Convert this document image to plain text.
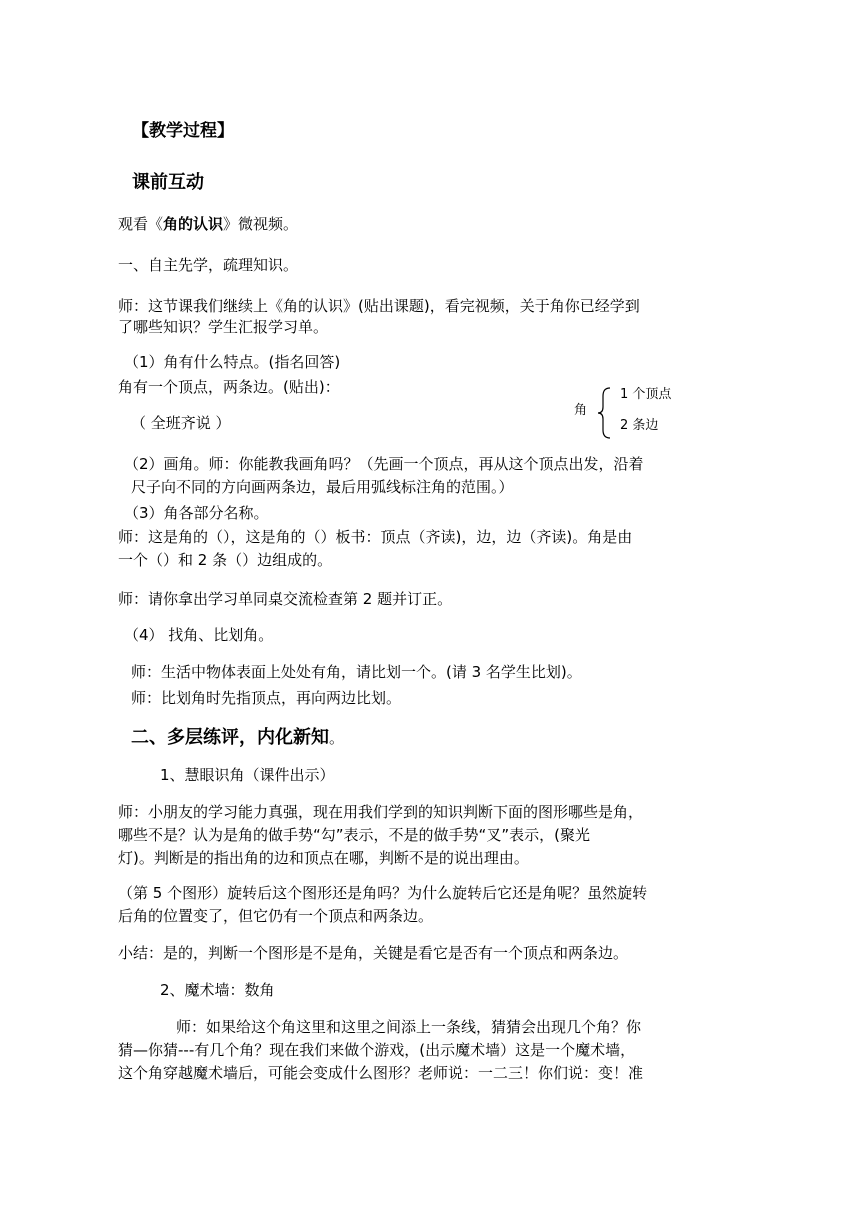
【教学过程】
课前互动
观看《角的认识》微视频。
一、自主先学，疏理知识。
师：这节课我们继续上《角的认识》(贴出课题)，看完视频，关于角你已经学到
了哪些知识？学生汇报学习单。
（1）角有什么特点。(指名回答)
角有一个顶点，两条边。(贴出)：
（ 全班齐说 ）
角
1 个顶点
2 条边
（2）画角。师：你能教我画角吗？（先画一个顶点，再从这个顶点出发，沿着
尺子向不同的方向画两条边，最后用弧线标注角的范围。）
（3）角各部分名称。
师：这是角的（），这是角的（）板书：顶点（齐读)，边，边（齐读)。角是由
一个（）和 2 条（）边组成的。
师：请你拿出学习单同桌交流检查第 2 题并订正。
（4） 找角、比划角。
师：生活中物体表面上处处有角，请比划一个。(请 3 名学生比划)。
师：比划角时先指顶点，再向两边比划。
二、多层练评，内化新知。
1、慧眼识角（课件出示）
师：小朋友的学习能力真强，现在用我们学到的知识判断下面的图形哪些是角，
哪些不是？认为是角的做手势“勾”表示，不是的做手势“叉”表示，(聚光
灯)。判断是的指出角的边和顶点在哪，判断不是的说出理由。
（第 5 个图形）旋转后这个图形还是角吗？为什么旋转后它还是角呢？虽然旋转
后角的位置变了，但它仍有一个顶点和两条边。
小结：是的，判断一个图形是不是角，关键是看它是否有一个顶点和两条边。
2、魔术墙：数角
师：如果给这个角这里和这里之间添上一条线，猜猜会出现几个角？你
猜—你猜---有几个角？现在我们来做个游戏，(出示魔术墙）这是一个魔术墙，
这个角穿越魔术墙后，可能会变成什么图形？老师说：一二三！你们说：变！准
